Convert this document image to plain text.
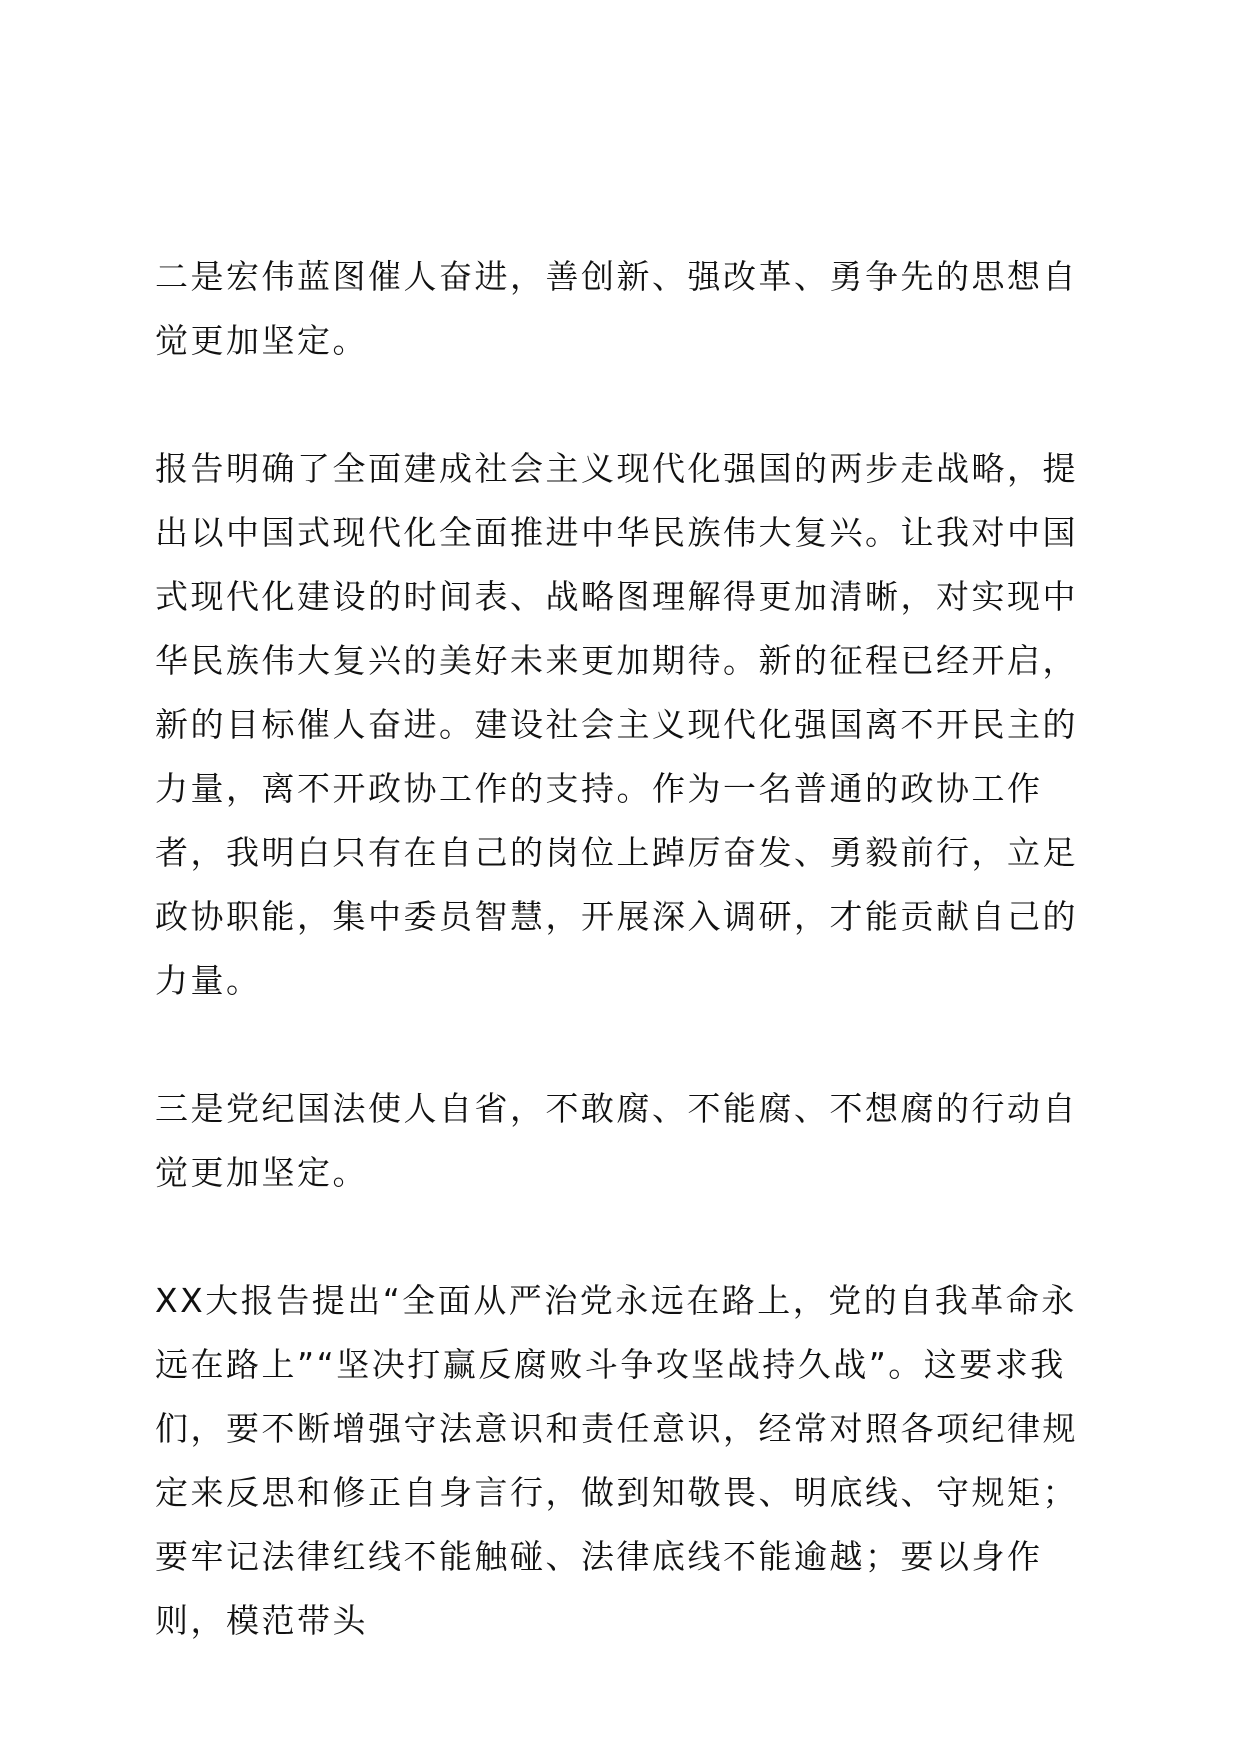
二是宏伟蓝图催人奋进，善创新、强改革、勇争先的思想自觉更加坚定。

报告明确了全面建成社会主义现代化强国的两步走战略，提出以中国式现代化全面推进中华民族伟大复兴。让我对中国式现代化建设的时间表、战略图理解得更加清晰，对实现中华民族伟大复兴的美好未来更加期待。新的征程已经开启，新的目标催人奋进。建设社会主义现代化强国离不开民主的力量，离不开政协工作的支持。作为一名普通的政协工作者，我明白只有在自己的岗位上踔厉奋发、勇毅前行，立足政协职能，集中委员智慧，开展深入调研，才能贡献自己的力量。

三是党纪国法使人自省，不敢腐、不能腐、不想腐的行动自觉更加坚定。

XX大报告提出“全面从严治党永远在路上，党的自我革命永远在路上”“坚决打赢反腐败斗争攻坚战持久战”。这要求我们，要不断增强守法意识和责任意识，经常对照各项纪律规定来反思和修正自身言行，做到知敬畏、明底线、守规矩；要牢记法律红线不能触碰、法律底线不能逾越；要以身作则，模范带头
